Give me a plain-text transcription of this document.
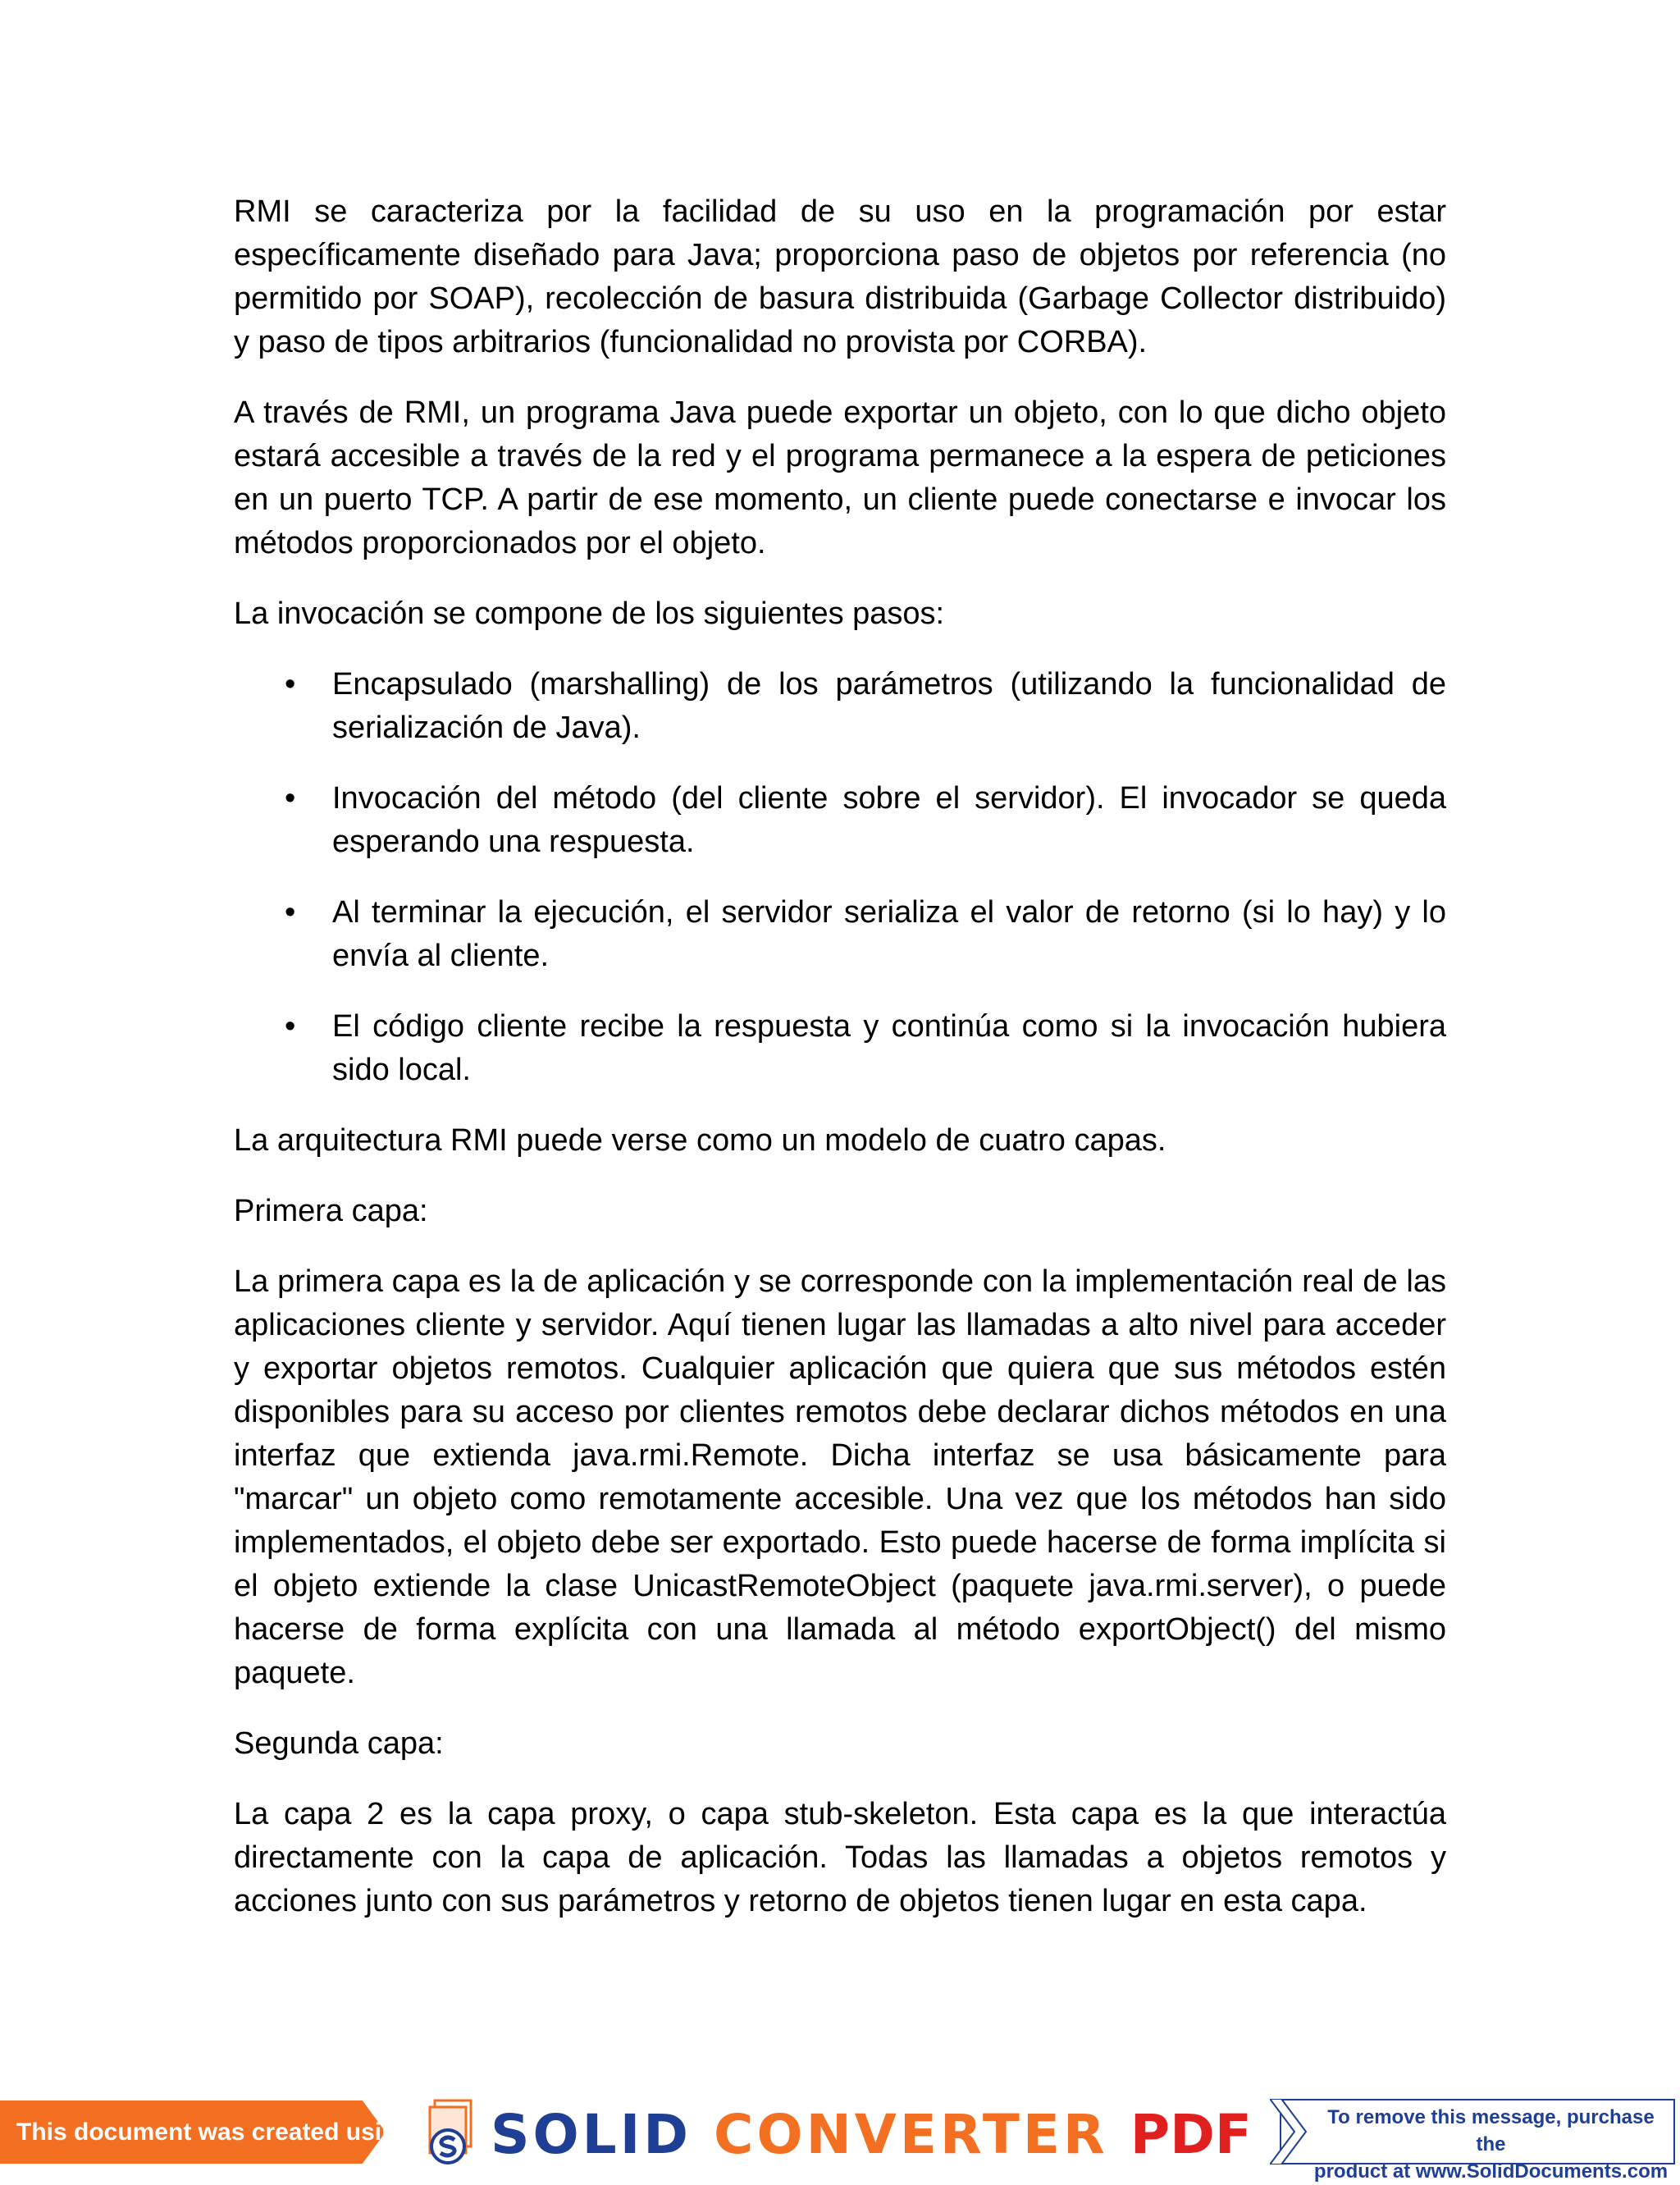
RMI se caracteriza por la facilidad de su uso en la programación por estar específicamente diseñado para Java; proporciona paso de objetos por referencia (no permitido por SOAP), recolección de basura distribuida (Garbage Collector distribuido) y paso de tipos arbitrarios (funcionalidad no provista por CORBA).

A través de RMI, un programa Java puede exportar un objeto, con lo que dicho objeto estará accesible a través de la red y el programa permanece a la espera de peticiones en un puerto TCP. A partir de ese momento, un cliente puede conectarse e invocar los métodos proporcionados por el objeto.

La invocación se compone de los siguientes pasos:

• Encapsulado (marshalling) de los parámetros (utilizando la funcionalidad de serialización de Java).
• Invocación del método (del cliente sobre el servidor). El invocador se queda esperando una respuesta.
• Al terminar la ejecución, el servidor serializa el valor de retorno (si lo hay) y lo envía al cliente.
• El código cliente recibe la respuesta y continúa como si la invocación hubiera sido local.

La arquitectura RMI puede verse como un modelo de cuatro capas.

Primera capa:

La primera capa es la de aplicación y se corresponde con la implementación real de las aplicaciones cliente y servidor. Aquí tienen lugar las llamadas a alto nivel para acceder y exportar objetos remotos. Cualquier aplicación que quiera que sus métodos estén disponibles para su acceso por clientes remotos debe declarar dichos métodos en una interfaz que extienda java.rmi.Remote. Dicha interfaz se usa básicamente para "marcar" un objeto como remotamente accesible. Una vez que los métodos han sido implementados, el objeto debe ser exportado. Esto puede hacerse de forma implícita si el objeto extiende la clase UnicastRemoteObject (paquete java.rmi.server), o puede hacerse de forma explícita con una llamada al método exportObject() del mismo paquete.

Segunda capa:

La capa 2 es la capa proxy, o capa stub-skeleton. Esta capa es la que interactúa directamente con la capa de aplicación. Todas las llamadas a objetos remotos y acciones junto con sus parámetros y retorno de objetos tienen lugar en esta capa.

This document was created using SOLID CONVERTER PDF	To remove this message, purchase the
product at www.SolidDocuments.com
